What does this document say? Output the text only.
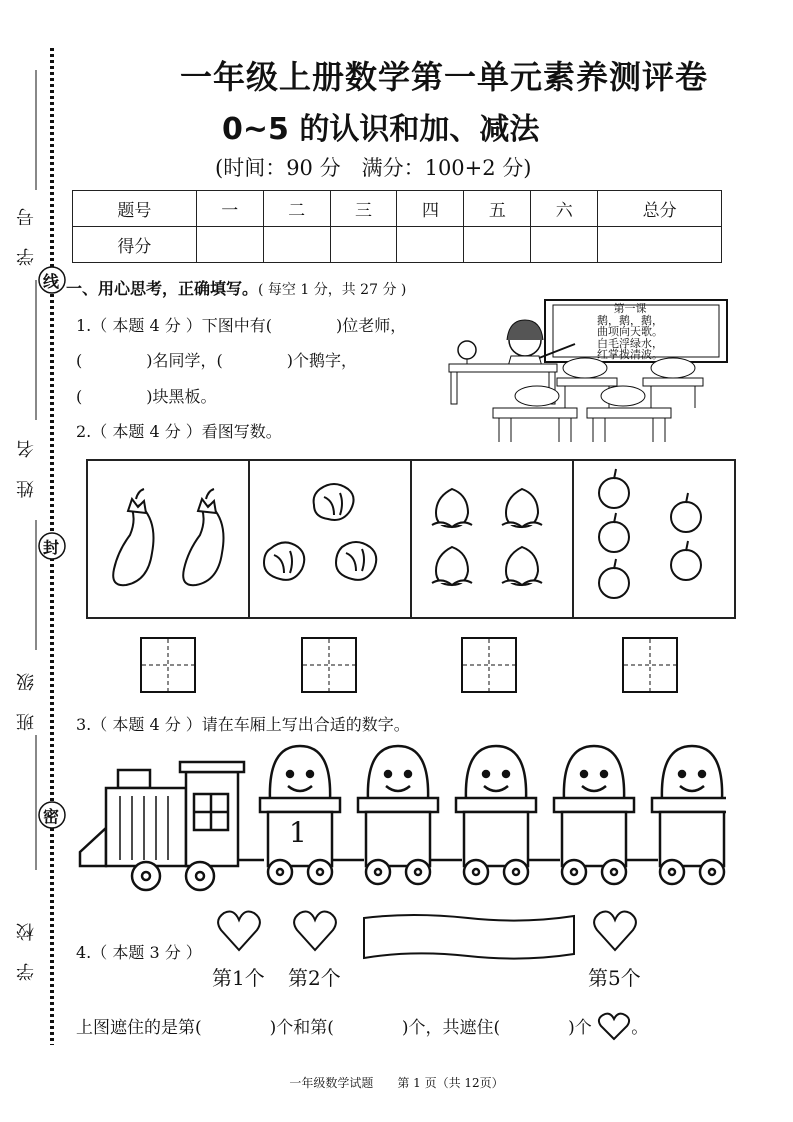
学 号
姓 名
班 级
学 校
线
封
密
一年级上册数学第一单元素养测评卷
0~5 的认识和加、减法
(时间：90 分　满分：100+2 分)
题号	一	二	三	四	五	六	总分
得分							
一、用心思考，正确填写。( 每空 1 分，共 27 分 )
1.（ 本题 4 分 ）下图中有(　　　　)位老师，
(　　　　)名同学，(　　　　)个鹅字，
(　　　　)块黑板。
第一课
鹅，鹅，鹅，
曲项向天歌。
白毛浮绿水，
红掌拨清波。
2.（ 本题 4 分 ）看图写数。
3.（ 本题 4 分 ）请在车厢上写出合适的数字。
1
4.（ 本题 3 分 ）
第1个 第2个	第5个
上图遮住的是第(　　　　)个和第(　　　　)个，共遮住(　　　　)个 。
一年级数学试题　　第 1 页（共 12页）
